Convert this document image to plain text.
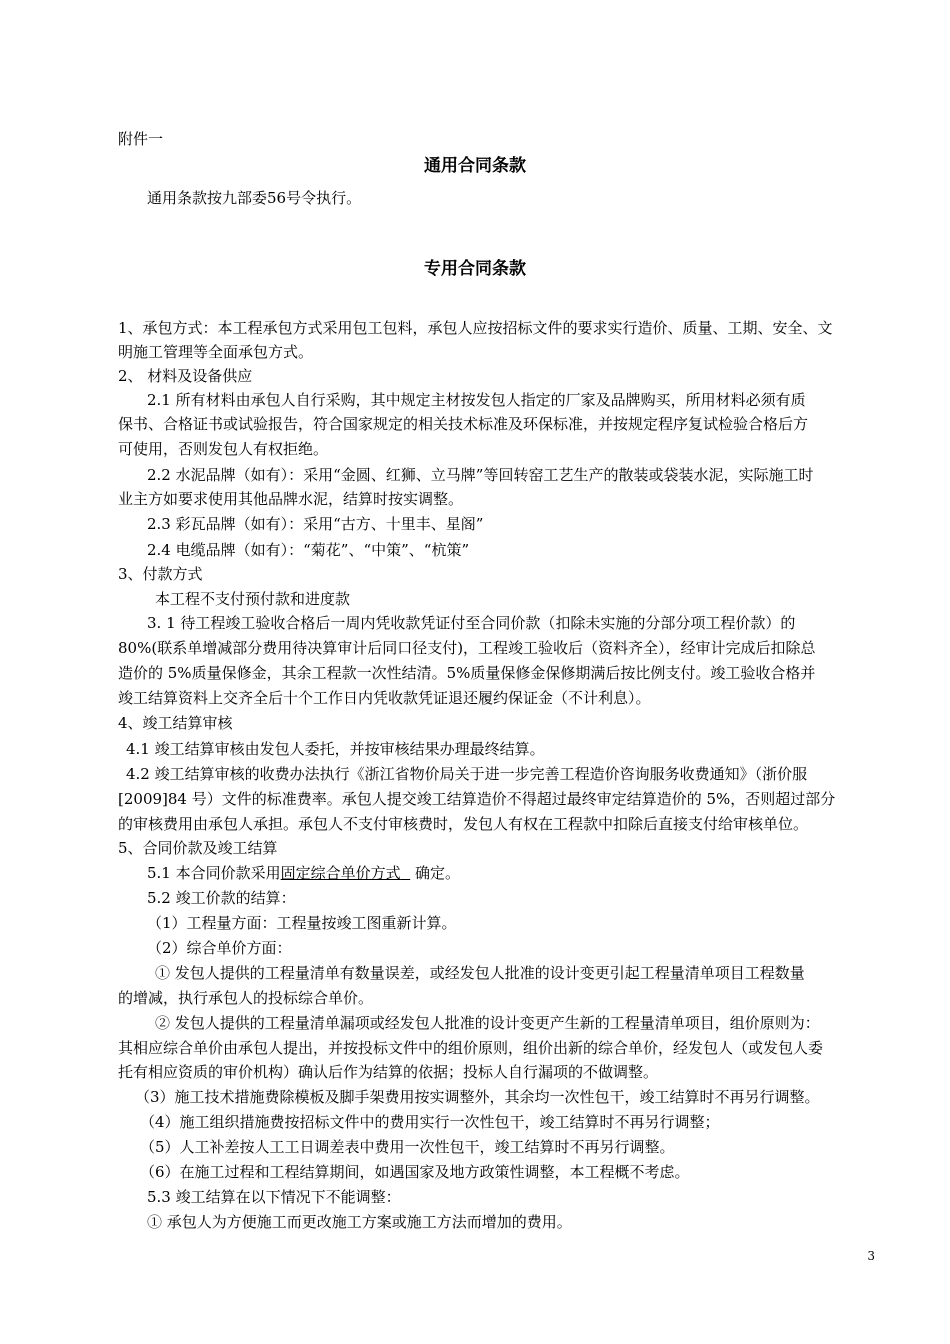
附件一
通用合同条款
通用条款按九部委56号令执行。
专用合同条款
1、承包方式：本工程承包方式采用包工包料，承包人应按招标文件的要求实行造价、质量、工期、安全、文
明施工管理等全面承包方式。
2、 材料及设备供应
2.1 所有材料由承包人自行采购，其中规定主材按发包人指定的厂家及品牌购买，所用材料必须有质
保书、合格证书或试验报告，符合国家规定的相关技术标准及环保标准，并按规定程序复试检验合格后方
可使用，否则发包人有权拒绝。
2.2 水泥品牌（如有）：采用“金圆、红狮、立马牌”等回转窑工艺生产的散装或袋装水泥，实际施工时
业主方如要求使用其他品牌水泥，结算时按实调整。
2.3 彩瓦品牌（如有）：采用“古方、十里丰、星阁”
2.4 电缆品牌（如有）：“菊花”、“中策”、“杭策”
3、付款方式
本工程不支付预付款和进度款
3. 1 待工程竣工验收合格后一周内凭收款凭证付至合同价款（扣除未实施的分部分项工程价款）的
80%(联系单增减部分费用待决算审计后同口径支付)，工程竣工验收后（资料齐全），经审计完成后扣除总
造价的 5%质量保修金，其余工程款一次性结清。5%质量保修金保修期满后按比例支付。竣工验收合格并
竣工结算资料上交齐全后十个工作日内凭收款凭证退还履约保证金（不计利息）。
4、竣工结算审核
4.1 竣工结算审核由发包人委托，并按审核结果办理最终结算。
4.2 竣工结算审核的收费办法执行《浙江省物价局关于进一步完善工程造价咨询服务收费通知》（浙价服
[2009]84 号）文件的标准费率。承包人提交竣工结算造价不得超过最终审定结算造价的 5%，否则超过部分
的审核费用由承包人承担。承包人不支付审核费时，发包人有权在工程款中扣除后直接支付给审核单位。
5、合同价款及竣工结算
5.1 本合同价款采用固定综合单价方式 确定。
5.2 竣工价款的结算：
（1）工程量方面：工程量按竣工图重新计算。
（2）综合单价方面：
① 发包人提供的工程量清单有数量误差，或经发包人批准的设计变更引起工程量清单项目工程数量
的增减，执行承包人的投标综合单价。
② 发包人提供的工程量清单漏项或经发包人批准的设计变更产生新的工程量清单项目，组价原则为：
其相应综合单价由承包人提出，并按投标文件中的组价原则，组价出新的综合单价，经发包人（或发包人委
托有相应资质的审价机构）确认后作为结算的依据；投标人自行漏项的不做调整。
（3）施工技术措施费除模板及脚手架费用按实调整外，其余均一次性包干，竣工结算时不再另行调整。
（4）施工组织措施费按招标文件中的费用实行一次性包干，竣工结算时不再另行调整；
（5）人工补差按人工工日调差表中费用一次性包干，竣工结算时不再另行调整。
（6）在施工过程和工程结算期间，如遇国家及地方政策性调整，本工程概不考虑。
5.3 竣工结算在以下情况下不能调整：
① 承包人为方便施工而更改施工方案或施工方法而增加的费用。
3
